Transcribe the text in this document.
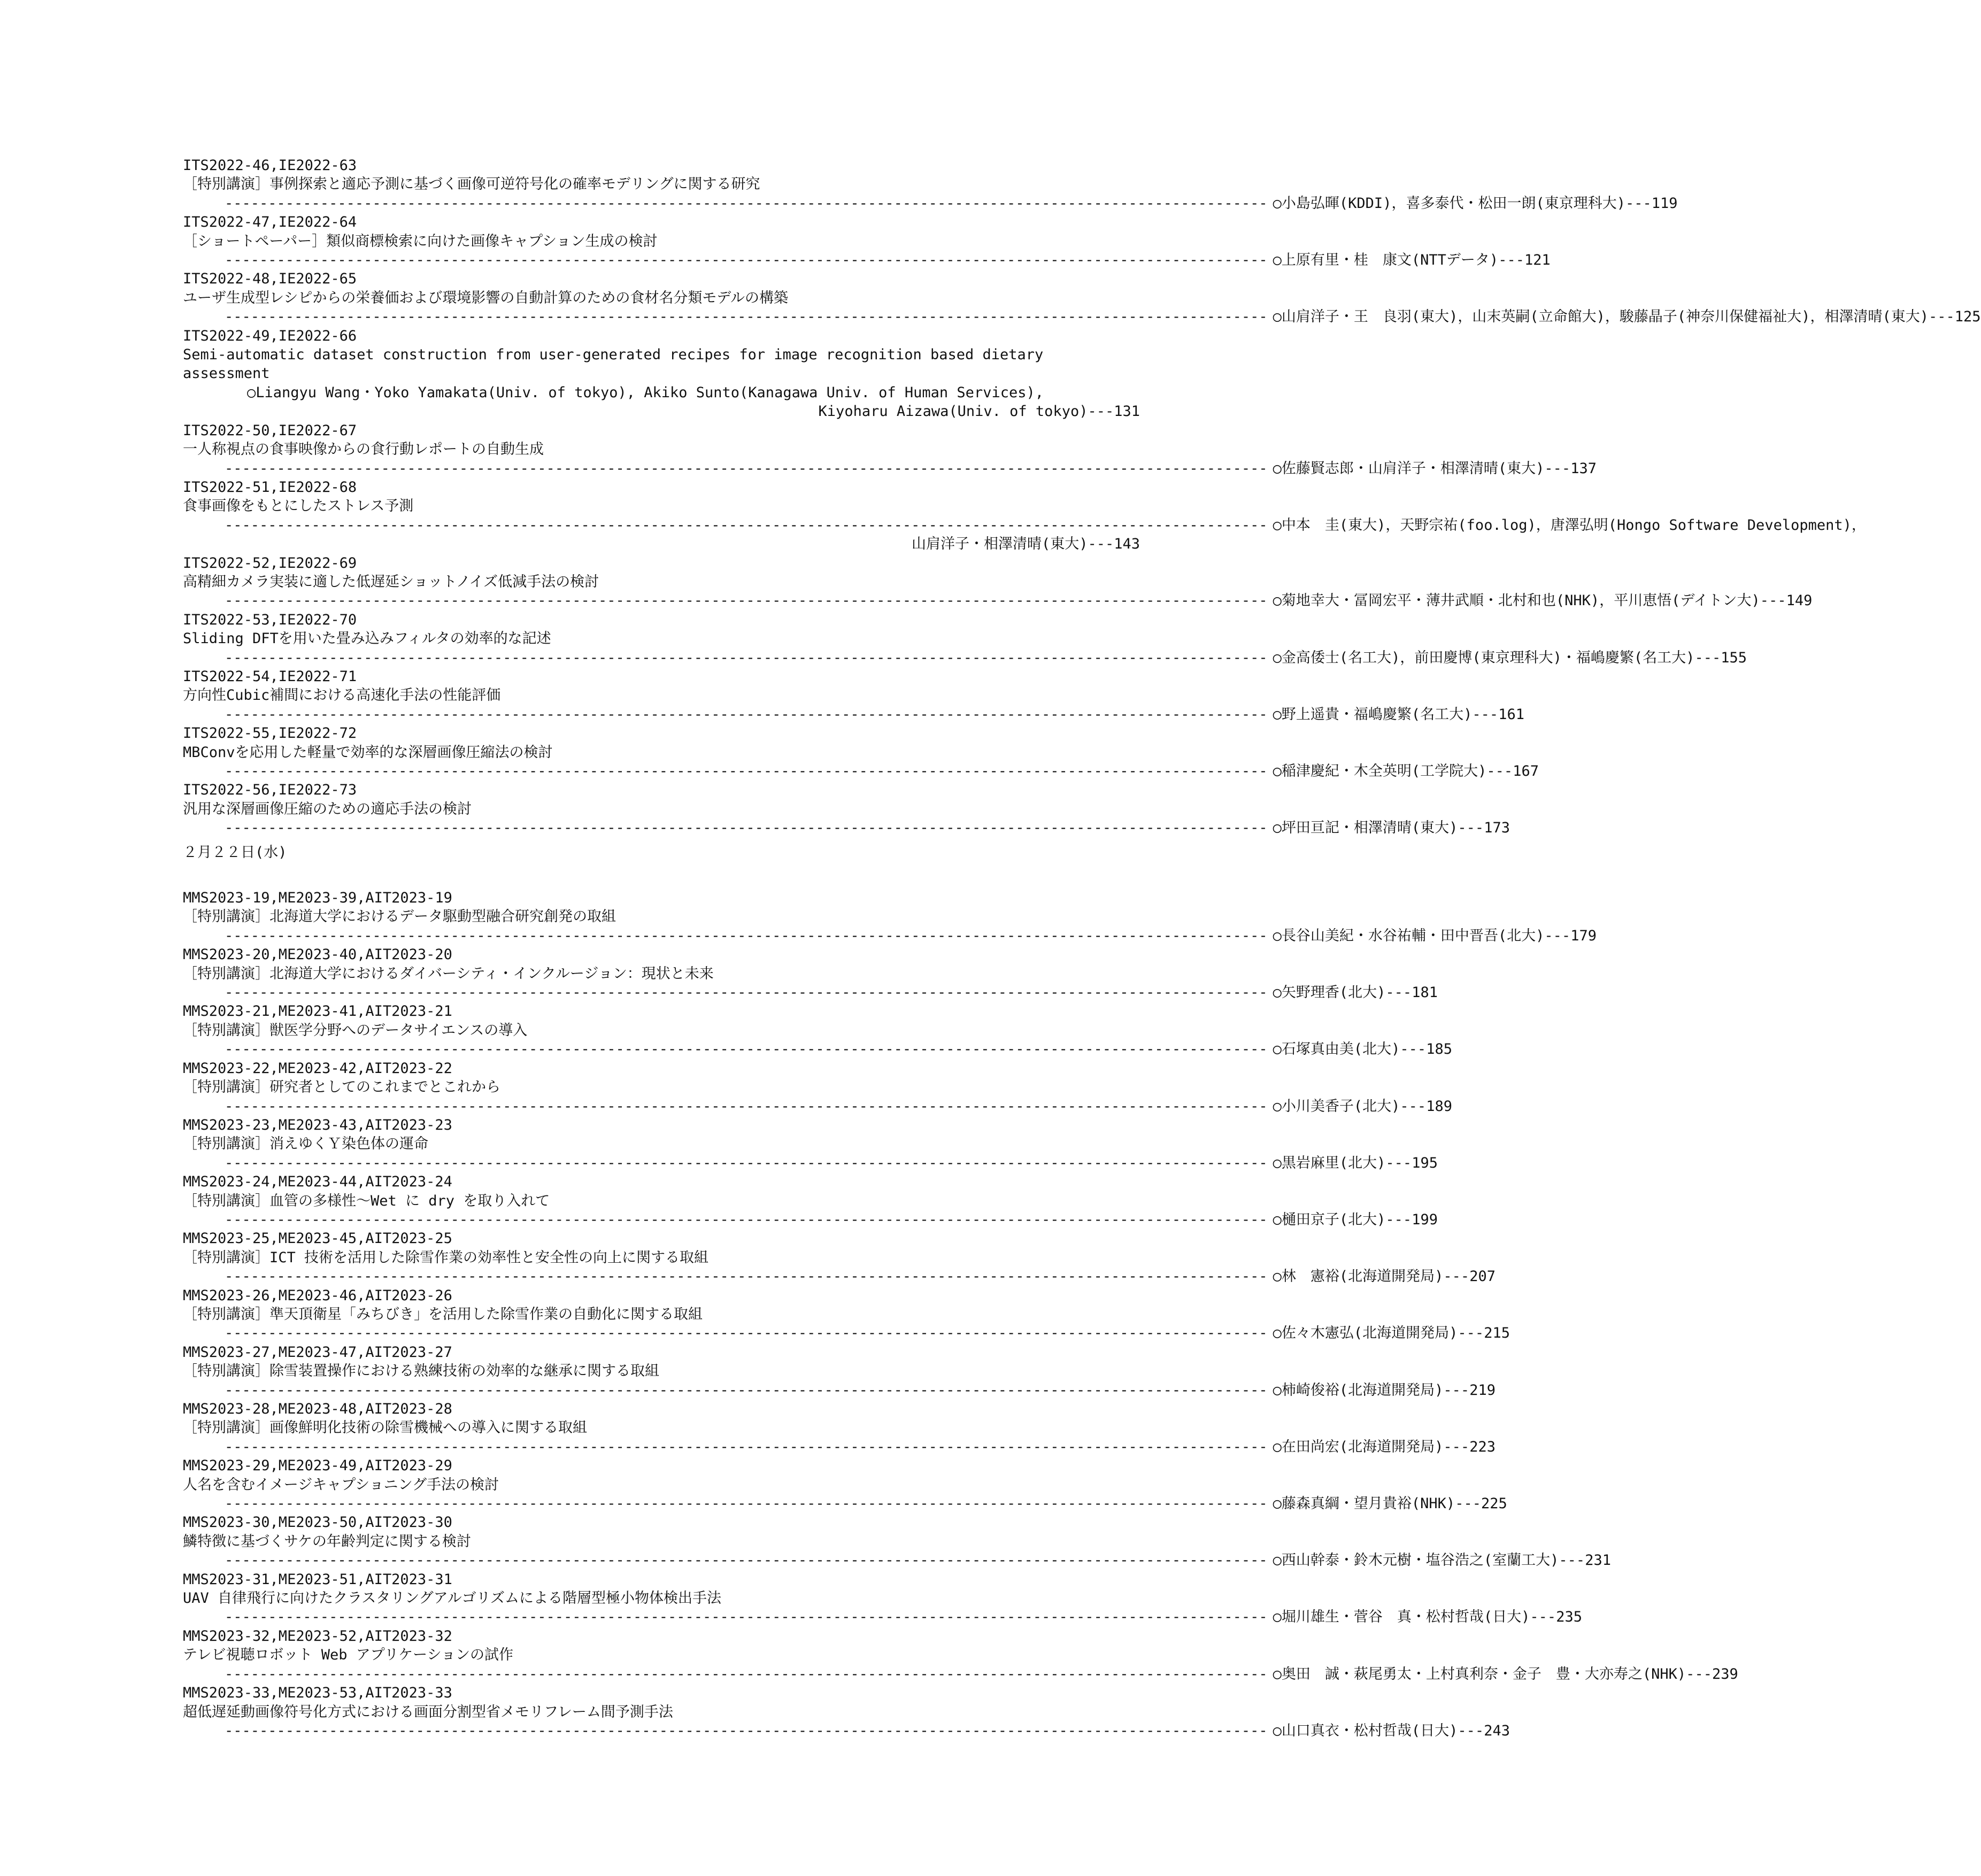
ITS2022-46,IE2022-63
［特別講演］事例探索と適応予測に基づく画像可逆符号化の確率モデリングに関する研究
------------------------------------------------------------------------------------------------------------------------ ○小島弘暉(KDDI)，喜多泰代・松田一朗(東京理科大)---119
ITS2022-47,IE2022-64
［ショートペーパー］類似商標検索に向けた画像キャプション生成の検討
------------------------------------------------------------------------------------------------------------------------ ○上原有里・桂　康文(NTTデータ)---121
ITS2022-48,IE2022-65
ユーザ生成型レシピからの栄養価および環境影響の自動計算のための食材名分類モデルの構築
------------------------------------------------------------------------------------------------------------------------ ○山肩洋子・王　良羽(東大)，山末英嗣(立命館大)，駿藤晶子(神奈川保健福祉大)，相澤清晴(東大)---125
ITS2022-49,IE2022-66
Semi-automatic dataset construction from user-generated recipes for image recognition based dietary
assessment
○Liangyu Wang・Yoko Yamakata(Univ. of tokyo), Akiko Sunto(Kanagawa Univ. of Human Services),
Kiyoharu Aizawa(Univ. of tokyo)---131
ITS2022-50,IE2022-67
一人称視点の食事映像からの食行動レポートの自動生成
------------------------------------------------------------------------------------------------------------------------ ○佐藤賢志郎・山肩洋子・相澤清晴(東大)---137
ITS2022-51,IE2022-68
食事画像をもとにしたストレス予測
------------------------------------------------------------------------------------------------------------------------ ○中本　圭(東大)，天野宗祐(foo.log)，唐澤弘明(Hongo Software Development)，
山肩洋子・相澤清晴(東大)---143
ITS2022-52,IE2022-69
高精細カメラ実装に適した低遅延ショットノイズ低減手法の検討
------------------------------------------------------------------------------------------------------------------------ ○菊地幸大・冨岡宏平・薄井武順・北村和也(NHK)，平川恵悟(デイトン大)---149
ITS2022-53,IE2022-70
Sliding DFTを用いた畳み込みフィルタの効率的な記述
------------------------------------------------------------------------------------------------------------------------ ○金高倭士(名工大)，前田慶博(東京理科大)・福嶋慶繁(名工大)---155
ITS2022-54,IE2022-71
方向性Cubic補間における高速化手法の性能評価
------------------------------------------------------------------------------------------------------------------------ ○野上遥貴・福嶋慶繁(名工大)---161
ITS2022-55,IE2022-72
MBConvを応用した軽量で効率的な深層画像圧縮法の検討
------------------------------------------------------------------------------------------------------------------------ ○稲津慶紀・木全英明(工学院大)---167
ITS2022-56,IE2022-73
汎用な深層画像圧縮のための適応手法の検討
------------------------------------------------------------------------------------------------------------------------ ○坪田亘記・相澤清晴(東大)---173
２月２２日(水)
MMS2023-19,ME2023-39,AIT2023-19
［特別講演］北海道大学におけるデータ駆動型融合研究創発の取組
------------------------------------------------------------------------------------------------------------------------ ○長谷山美紀・水谷祐輔・田中晋吾(北大)---179
MMS2023-20,ME2023-40,AIT2023-20
［特別講演］北海道大学におけるダイバーシティ・インクルージョン：現状と未来
------------------------------------------------------------------------------------------------------------------------ ○矢野理香(北大)---181
MMS2023-21,ME2023-41,AIT2023-21
［特別講演］獣医学分野へのデータサイエンスの導入
------------------------------------------------------------------------------------------------------------------------ ○石塚真由美(北大)---185
MMS2023-22,ME2023-42,AIT2023-22
［特別講演］研究者としてのこれまでとこれから
------------------------------------------------------------------------------------------------------------------------ ○小川美香子(北大)---189
MMS2023-23,ME2023-43,AIT2023-23
［特別講演］消えゆくＹ染色体の運命
------------------------------------------------------------------------------------------------------------------------ ○黒岩麻里(北大)---195
MMS2023-24,ME2023-44,AIT2023-24
［特別講演］血管の多様性～Wet に dry を取り入れて
------------------------------------------------------------------------------------------------------------------------ ○樋田京子(北大)---199
MMS2023-25,ME2023-45,AIT2023-25
［特別講演］ICT 技術を活用した除雪作業の効率性と安全性の向上に関する取組
------------------------------------------------------------------------------------------------------------------------ ○林　憲裕(北海道開発局)---207
MMS2023-26,ME2023-46,AIT2023-26
［特別講演］準天頂衛星「みちびき」を活用した除雪作業の自動化に関する取組
------------------------------------------------------------------------------------------------------------------------ ○佐々木憲弘(北海道開発局)---215
MMS2023-27,ME2023-47,AIT2023-27
［特別講演］除雪装置操作における熟練技術の効率的な継承に関する取組
------------------------------------------------------------------------------------------------------------------------ ○柿崎俊裕(北海道開発局)---219
MMS2023-28,ME2023-48,AIT2023-28
［特別講演］画像鮮明化技術の除雪機械への導入に関する取組
------------------------------------------------------------------------------------------------------------------------ ○在田尚宏(北海道開発局)---223
MMS2023-29,ME2023-49,AIT2023-29
人名を含むイメージキャプショニング手法の検討
------------------------------------------------------------------------------------------------------------------------ ○藤森真綱・望月貴裕(NHK)---225
MMS2023-30,ME2023-50,AIT2023-30
鱗特徴に基づくサケの年齢判定に関する検討
------------------------------------------------------------------------------------------------------------------------ ○西山幹泰・鈴木元樹・塩谷浩之(室蘭工大)---231
MMS2023-31,ME2023-51,AIT2023-31
UAV 自律飛行に向けたクラスタリングアルゴリズムによる階層型極小物体検出手法
------------------------------------------------------------------------------------------------------------------------ ○堀川雄生・菅谷　真・松村哲哉(日大)---235
MMS2023-32,ME2023-52,AIT2023-32
テレビ視聴ロボット Web アプリケーションの試作
------------------------------------------------------------------------------------------------------------------------ ○奥田　誠・萩尾勇太・上村真利奈・金子　豊・大亦寿之(NHK)---239
MMS2023-33,ME2023-53,AIT2023-33
超低遅延動画像符号化方式における画面分割型省メモリフレーム間予測手法
------------------------------------------------------------------------------------------------------------------------ ○山口真衣・松村哲哉(日大)---243
